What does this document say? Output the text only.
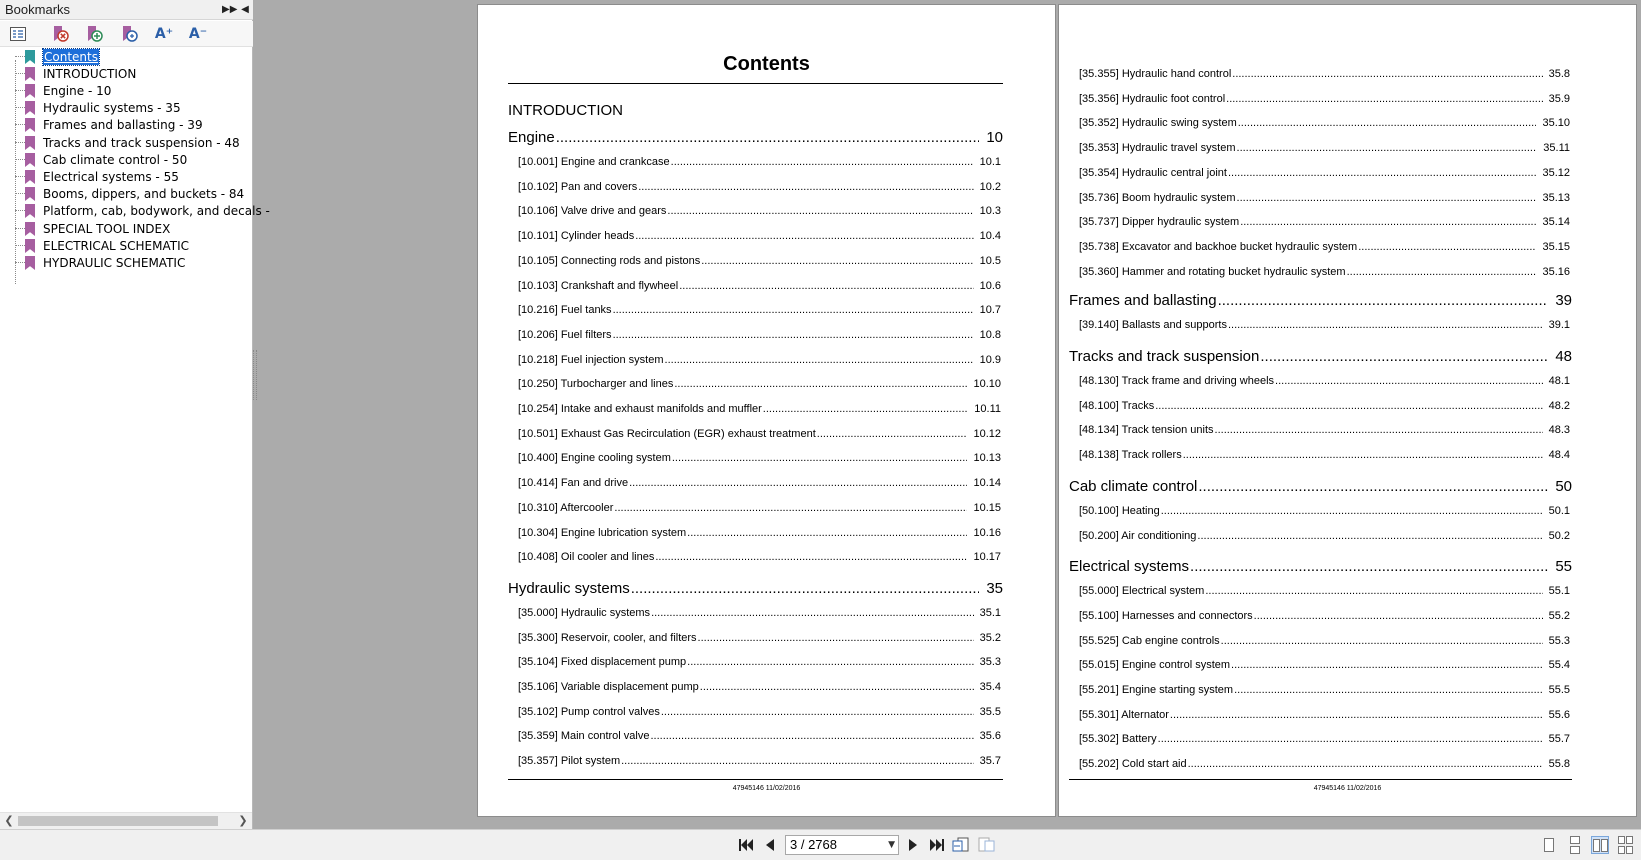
Bookmarks	▶▶ ◀
A⁺ A⁻
Contents
INTRODUCTION
Engine - 10
Hydraulic systems - 35
Frames and ballasting - 39
Tracks and track suspension - 48
Cab climate control - 50
Electrical systems - 55
Booms, dippers, and buckets - 84
Platform, cab, bodywork, and decals -
SPECIAL TOOL INDEX
ELECTRICAL SCHEMATIC
HYDRAULIC SCHEMATIC
❮	❯
Contents
INTRODUCTION
Engine .....	10
[10.001] Engine and crankcase .....	10.1
[10.102] Pan and covers .....	10.2
[10.106] Valve drive and gears .....	10.3
[10.101] Cylinder heads .....	10.4
[10.105] Connecting rods and pistons .....	10.5
[10.103] Crankshaft and flywheel .....	10.6
[10.216] Fuel tanks .....	10.7
[10.206] Fuel filters .....	10.8
[10.218] Fuel injection system .....	10.9
[10.250] Turbocharger and lines .....	10.10
[10.254] Intake and exhaust manifolds and muffler .....	10.11
[10.501] Exhaust Gas Recirculation (EGR) exhaust treatment .....	10.12
[10.400] Engine cooling system .....	10.13
[10.414] Fan and drive .....	10.14
[10.310] Aftercooler .....	10.15
[10.304] Engine lubrication system .....	10.16
[10.408] Oil cooler and lines .....	10.17
Hydraulic systems .....	35
[35.000] Hydraulic systems .....	35.1
[35.300] Reservoir, cooler, and filters .....	35.2
[35.104] Fixed displacement pump .....	35.3
[35.106] Variable displacement pump .....	35.4
[35.102] Pump control valves .....	35.5
[35.359] Main control valve .....	35.6
[35.357] Pilot system .....	35.7
47945146 11/02/2016
[35.355] Hydraulic hand control .....	35.8
[35.356] Hydraulic foot control .....	35.9
[35.352] Hydraulic swing system .....	35.10
[35.353] Hydraulic travel system .....	35.11
[35.354] Hydraulic central joint .....	35.12
[35.736] Boom hydraulic system .....	35.13
[35.737] Dipper hydraulic system .....	35.14
[35.738] Excavator and backhoe bucket hydraulic system .....	35.15
[35.360] Hammer and rotating bucket hydraulic system .....	35.16
Frames and ballasting .....	39
[39.140] Ballasts and supports .....	39.1
Tracks and track suspension .....	48
[48.130] Track frame and driving wheels .....	48.1
[48.100] Tracks .....	48.2
[48.134] Track tension units .....	48.3
[48.138] Track rollers .....	48.4
Cab climate control .....	50
[50.100] Heating .....	50.1
[50.200] Air conditioning .....	50.2
Electrical systems .....	55
[55.000] Electrical system .....	55.1
[55.100] Harnesses and connectors .....	55.2
[55.525] Cab engine controls .....	55.3
[55.015] Engine control system .....	55.4
[55.201] Engine starting system .....	55.5
[55.301] Alternator .....	55.6
[55.302] Battery .....	55.7
[55.202] Cold start aid .....	55.8
47945146 11/02/2016
3 / 2768	▼
